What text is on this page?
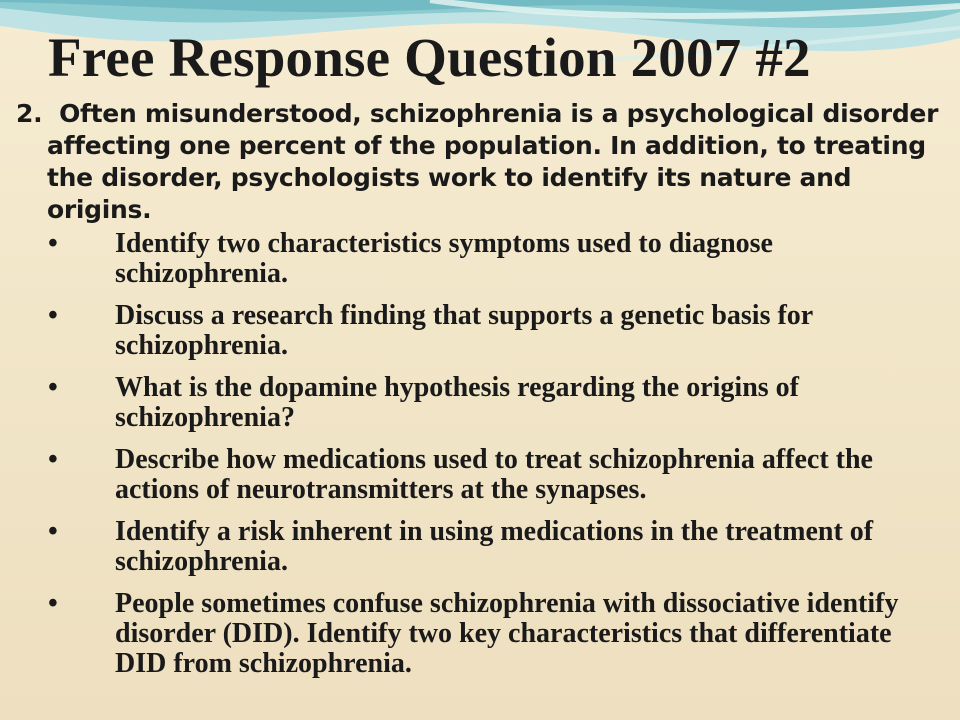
Free Response Question 2007 #2

2. Often misunderstood, schizophrenia is a psychological disorder affecting one percent of the population. In addition, to treating the disorder, psychologists work to identify its nature and origins.

•	Identify two characteristics symptoms used to diagnose schizophrenia.
•	Discuss a research finding that supports a genetic basis for schizophrenia.
•	What is the dopamine hypothesis regarding the origins of schizophrenia?
•	Describe how medications used to treat schizophrenia affect the actions of neurotransmitters at the synapses.
•	Identify a risk inherent in using medications in the treatment of schizophrenia.
•	People sometimes confuse schizophrenia with dissociative identify disorder (DID). Identify two key characteristics that differentiate DID from schizophrenia.
